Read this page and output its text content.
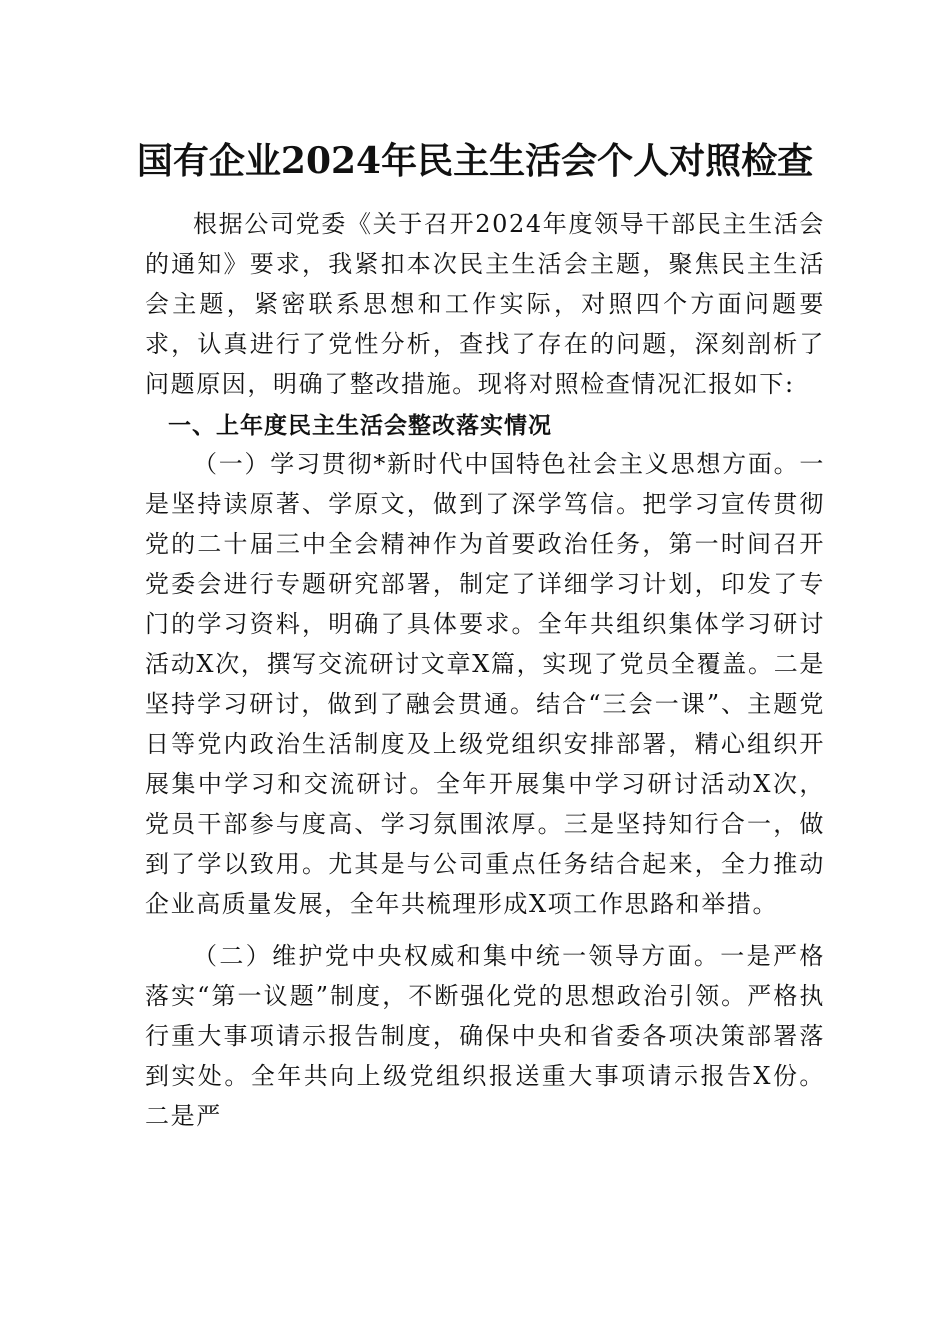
国有企业2024年民主生活会个人对照检查

根据公司党委《关于召开2024年度领导干部民主生活会的通知》要求，我紧扣本次民主生活会主题，聚焦民主生活会主题，紧密联系思想和工作实际，对照四个方面问题要求，认真进行了党性分析，查找了存在的问题，深刻剖析了问题原因，明确了整改措施。现将对照检查情况汇报如下:

一、上年度民主生活会整改落实情况

（一）学习贯彻*新时代中国特色社会主义思想方面。一是坚持读原著、学原文，做到了深学笃信。把学习宣传贯彻党的二十届三中全会精神作为首要政治任务，第一时间召开党委会进行专题研究部署，制定了详细学习计划，印发了专门的学习资料，明确了具体要求。全年共组织集体学习研讨活动X次，撰写交流研讨文章X篇，实现了党员全覆盖。二是坚持学习研讨，做到了融会贯通。结合“三会一课”、主题党日等党内政治生活制度及上级党组织安排部署，精心组织开展集中学习和交流研讨。全年开展集中学习研讨活动X次，党员干部参与度高、学习氛围浓厚。三是坚持知行合一，做到了学以致用。尤其是与公司重点任务结合起来，全力推动企业高质量发展，全年共梳理形成X项工作思路和举措。

（二）维护党中央权威和集中统一领导方面。一是严格落实“第一议题”制度，不断强化党的思想政治引领。严格执行重大事项请示报告制度，确保中央和省委各项决策部署落到实处。全年共向上级党组织报送重大事项请示报告X份。二是严
